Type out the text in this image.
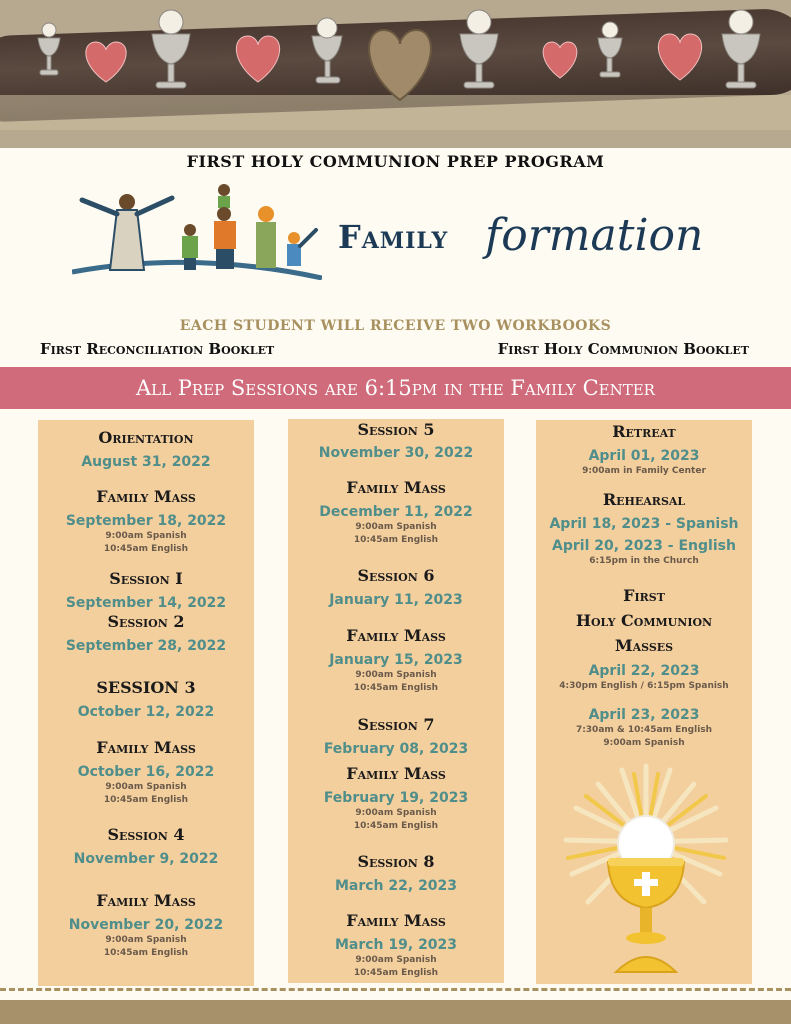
FIRST HOLY COMMUNION PREP PROGRAM
Family formation
EACH STUDENT WILL RECEIVE TWO WORKBOOKS
First Reconciliation Booklet	First Holy Communion Booklet
All Prep Sessions are 6:15pm in the Family Center
Orientation
August 31, 2022
Family Mass
September 18, 2022
9:00am Spanish
10:45am English
Session I
September 14, 2022
Session 2
September 28, 2022
SESSION 3
October 12, 2022
Family Mass
October 16, 2022
9:00am Spanish
10:45am English
Session 4
November 9, 2022
Family Mass
November 20, 2022
9:00am Spanish
10:45am English
Session 5
November 30, 2022
Family Mass
December 11, 2022
9:00am Spanish
10:45am English
Session 6
January 11, 2023
Family Mass
January 15, 2023
9:00am Spanish
10:45am English
Session 7
February 08, 2023
Family Mass
February 19, 2023
9:00am Spanish
10:45am English
Session 8
March 22, 2023
Family Mass
March 19, 2023
9:00am Spanish
10:45am English
Retreat
April 01, 2023
9:00am in Family Center
Rehearsal
April 18, 2023 - Spanish
April 20, 2023 - English
6:15pm in the Church
First
Holy Communion
Masses
April 22, 2023
4:30pm English / 6:15pm Spanish
April 23, 2023
7:30am & 10:45am English
9:00am Spanish
